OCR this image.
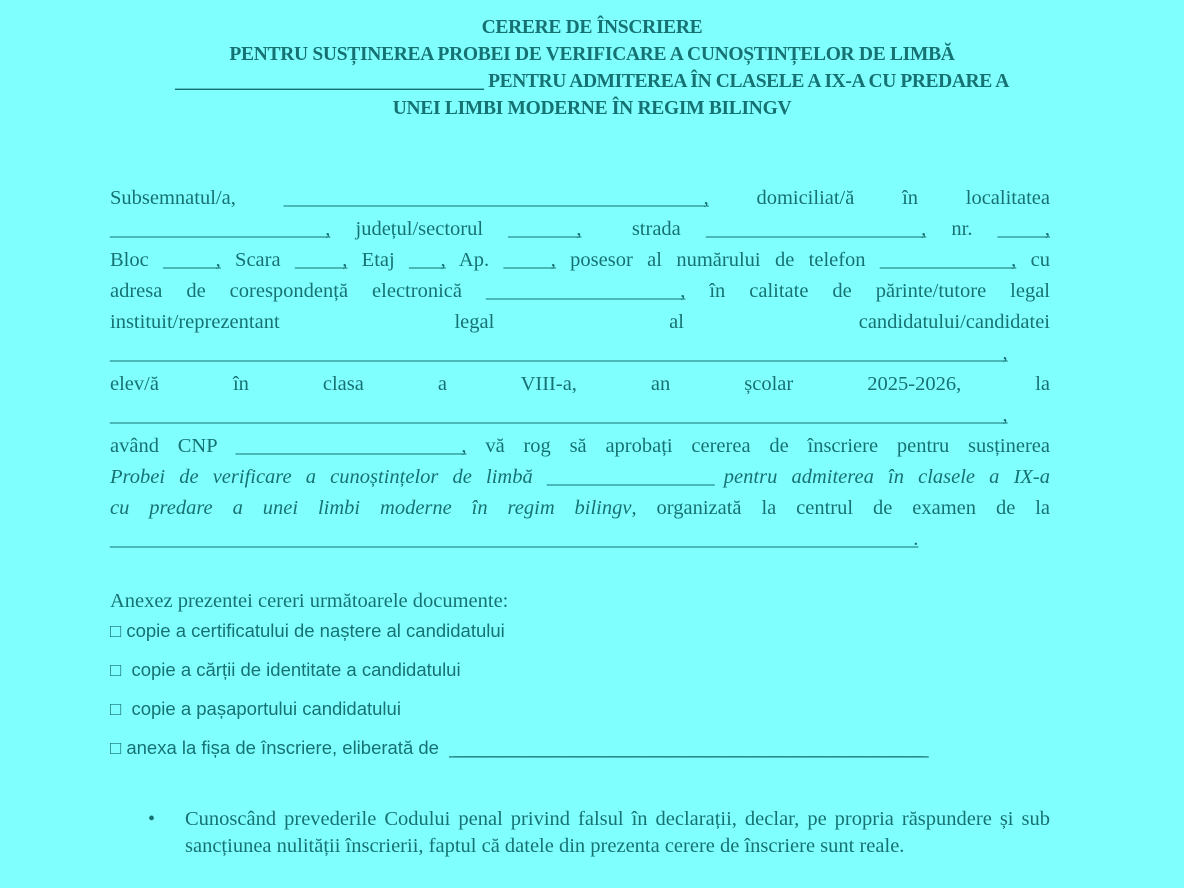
CERERE DE ÎNSCRIERE
PENTRU SUSȚINEREA PROBEI DE VERIFICARE A CUNOȘTINȚELOR DE LIMBĂ
_________________________________ PENTRU ADMITEREA ÎN CLASELE A IX-A CU PREDARE A
UNEI LIMBI MODERNE ÎN REGIM BILINGV
Subsemnatul/a, ________________________________________________________________________________, domiciliat/ă în localitatea
_________________________________________, județul/sectorul _____________,  strada _________________________________________, nr. _________,
Bloc __________, Scara _________, Etaj ______, Ap. _________, posesor al numărului de telefon _________________________, cu
adresa de corespondență electronică _____________________________________, în calitate de părinte/tutore legal
instituit/reprezentant legal al candidatului/candidatei
__________________________________________________________________________________________________________________________________________________________________________,
elev/ă în clasa a VIII-a, an școlar 2025-2026, la
__________________________________________________________________________________________________________________________________________________________________________,
având CNP ___________________________________________, vă rog să aprobați cererea de înscriere pentru susținerea
Probei de verificare a cunoștințelor de limbă _______________________________ pentru admiterea în clasele a IX-a
cu predare a unei limbi moderne în regim bilingv, organizată la centrul de examen de la
_________________________________________________________________________________________________________________________________________________________.
Anexez prezentei cereri următoarele documente:
□ copie a certificatului de naștere al candidatului
□  copie a cărții de identitate a candidatului
□  copie a pașaportului candidatului
□ anexa la fișa de înscriere, eliberată de  _______________________________________________________________________________________________
• Cunoscând prevederile Codului penal privind falsul în declarații, declar, pe propria răspundere și sub sancțiunea nulității înscrierii, faptul că datele din prezenta cerere de înscriere sunt reale.
